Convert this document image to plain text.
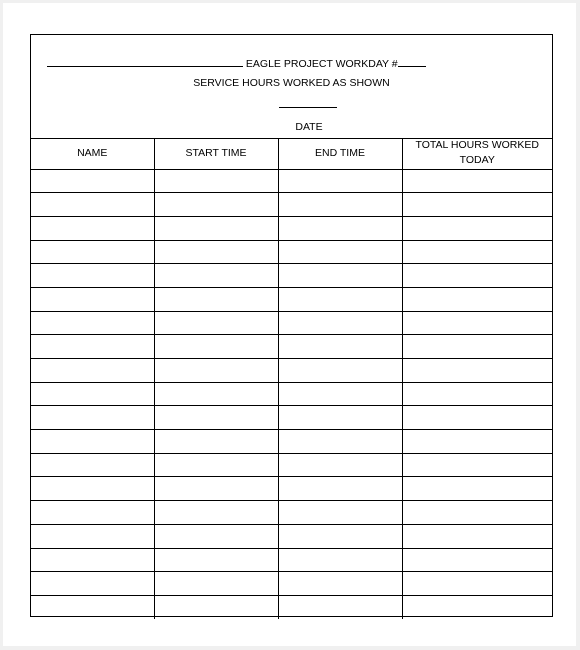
EAGLE PROJECT WORKDAY #
SERVICE HOURS WORKED AS SHOWN
DATE
NAME	START TIME	END TIME	TOTAL HOURS WORKED TODAY
